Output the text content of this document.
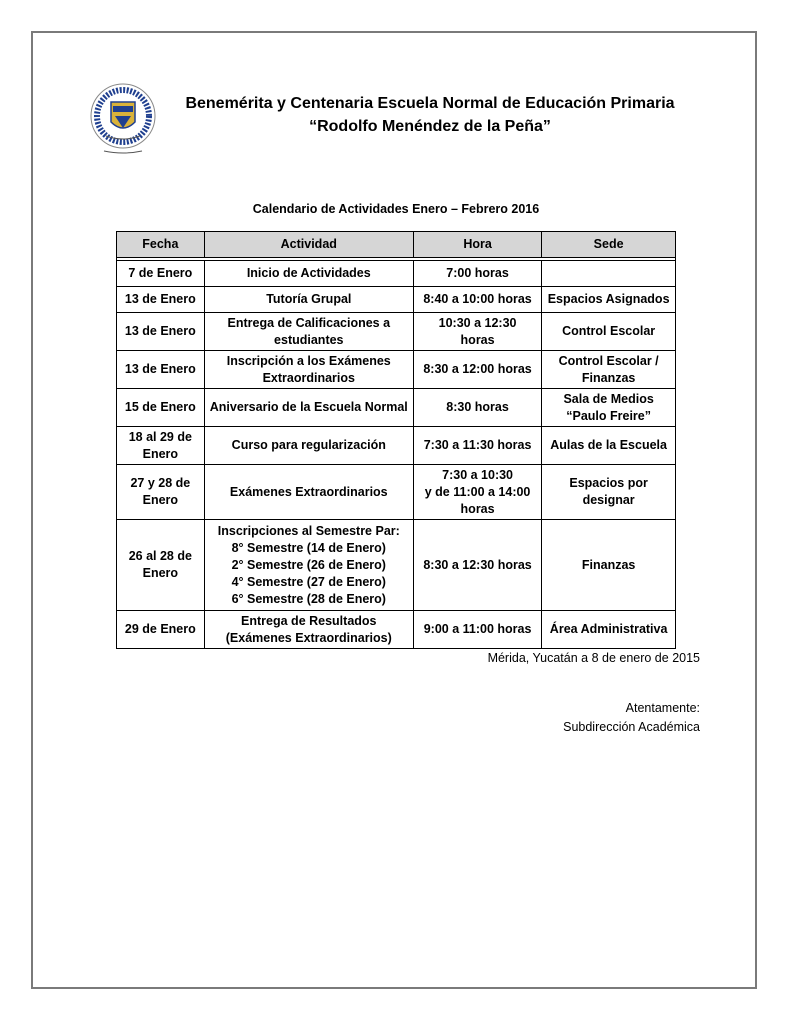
Benemérita y Centenaria Escuela Normal de Educación Primaria
“Rodolfo Menéndez de la Peña”
Calendario de Actividades Enero – Febrero 2016
Fecha	Actividad	Hora	Sede

7 de Enero	Inicio de Actividades	7:00 horas	

13 de Enero	Tutoría Grupal	8:40 a 10:00 horas	Espacios Asignados

13 de Enero	Entrega de Calificaciones a
estudiantes	10:30 a 12:30
horas	Control Escolar

13 de Enero	Inscripción a los Exámenes
Extraordinarios	8:30 a 12:00 horas	Control Escolar /
Finanzas

15 de Enero	Aniversario de la Escuela Normal	8:30 horas	Sala de Medios
“Paulo Freire”

18 al 29 de
Enero	Curso para regularización	7:30 a 11:30 horas	Aulas de la Escuela

27 y 28 de
Enero	Exámenes Extraordinarios	7:30 a 10:30
y de 11:00 a 14:00
horas	Espacios por
designar

26 al 28 de
Enero	Inscripciones al Semestre Par:
8° Semestre (14 de Enero)
2° Semestre (26 de Enero)
4° Semestre (27 de Enero)
6° Semestre (28 de Enero)	8:30 a 12:30 horas	Finanzas

29 de Enero	Entrega de Resultados
(Exámenes Extraordinarios)	9:00 a 11:00 horas	Área Administrativa
Mérida, Yucatán a 8 de enero de 2015
Atentamente:
Subdirección Académica
